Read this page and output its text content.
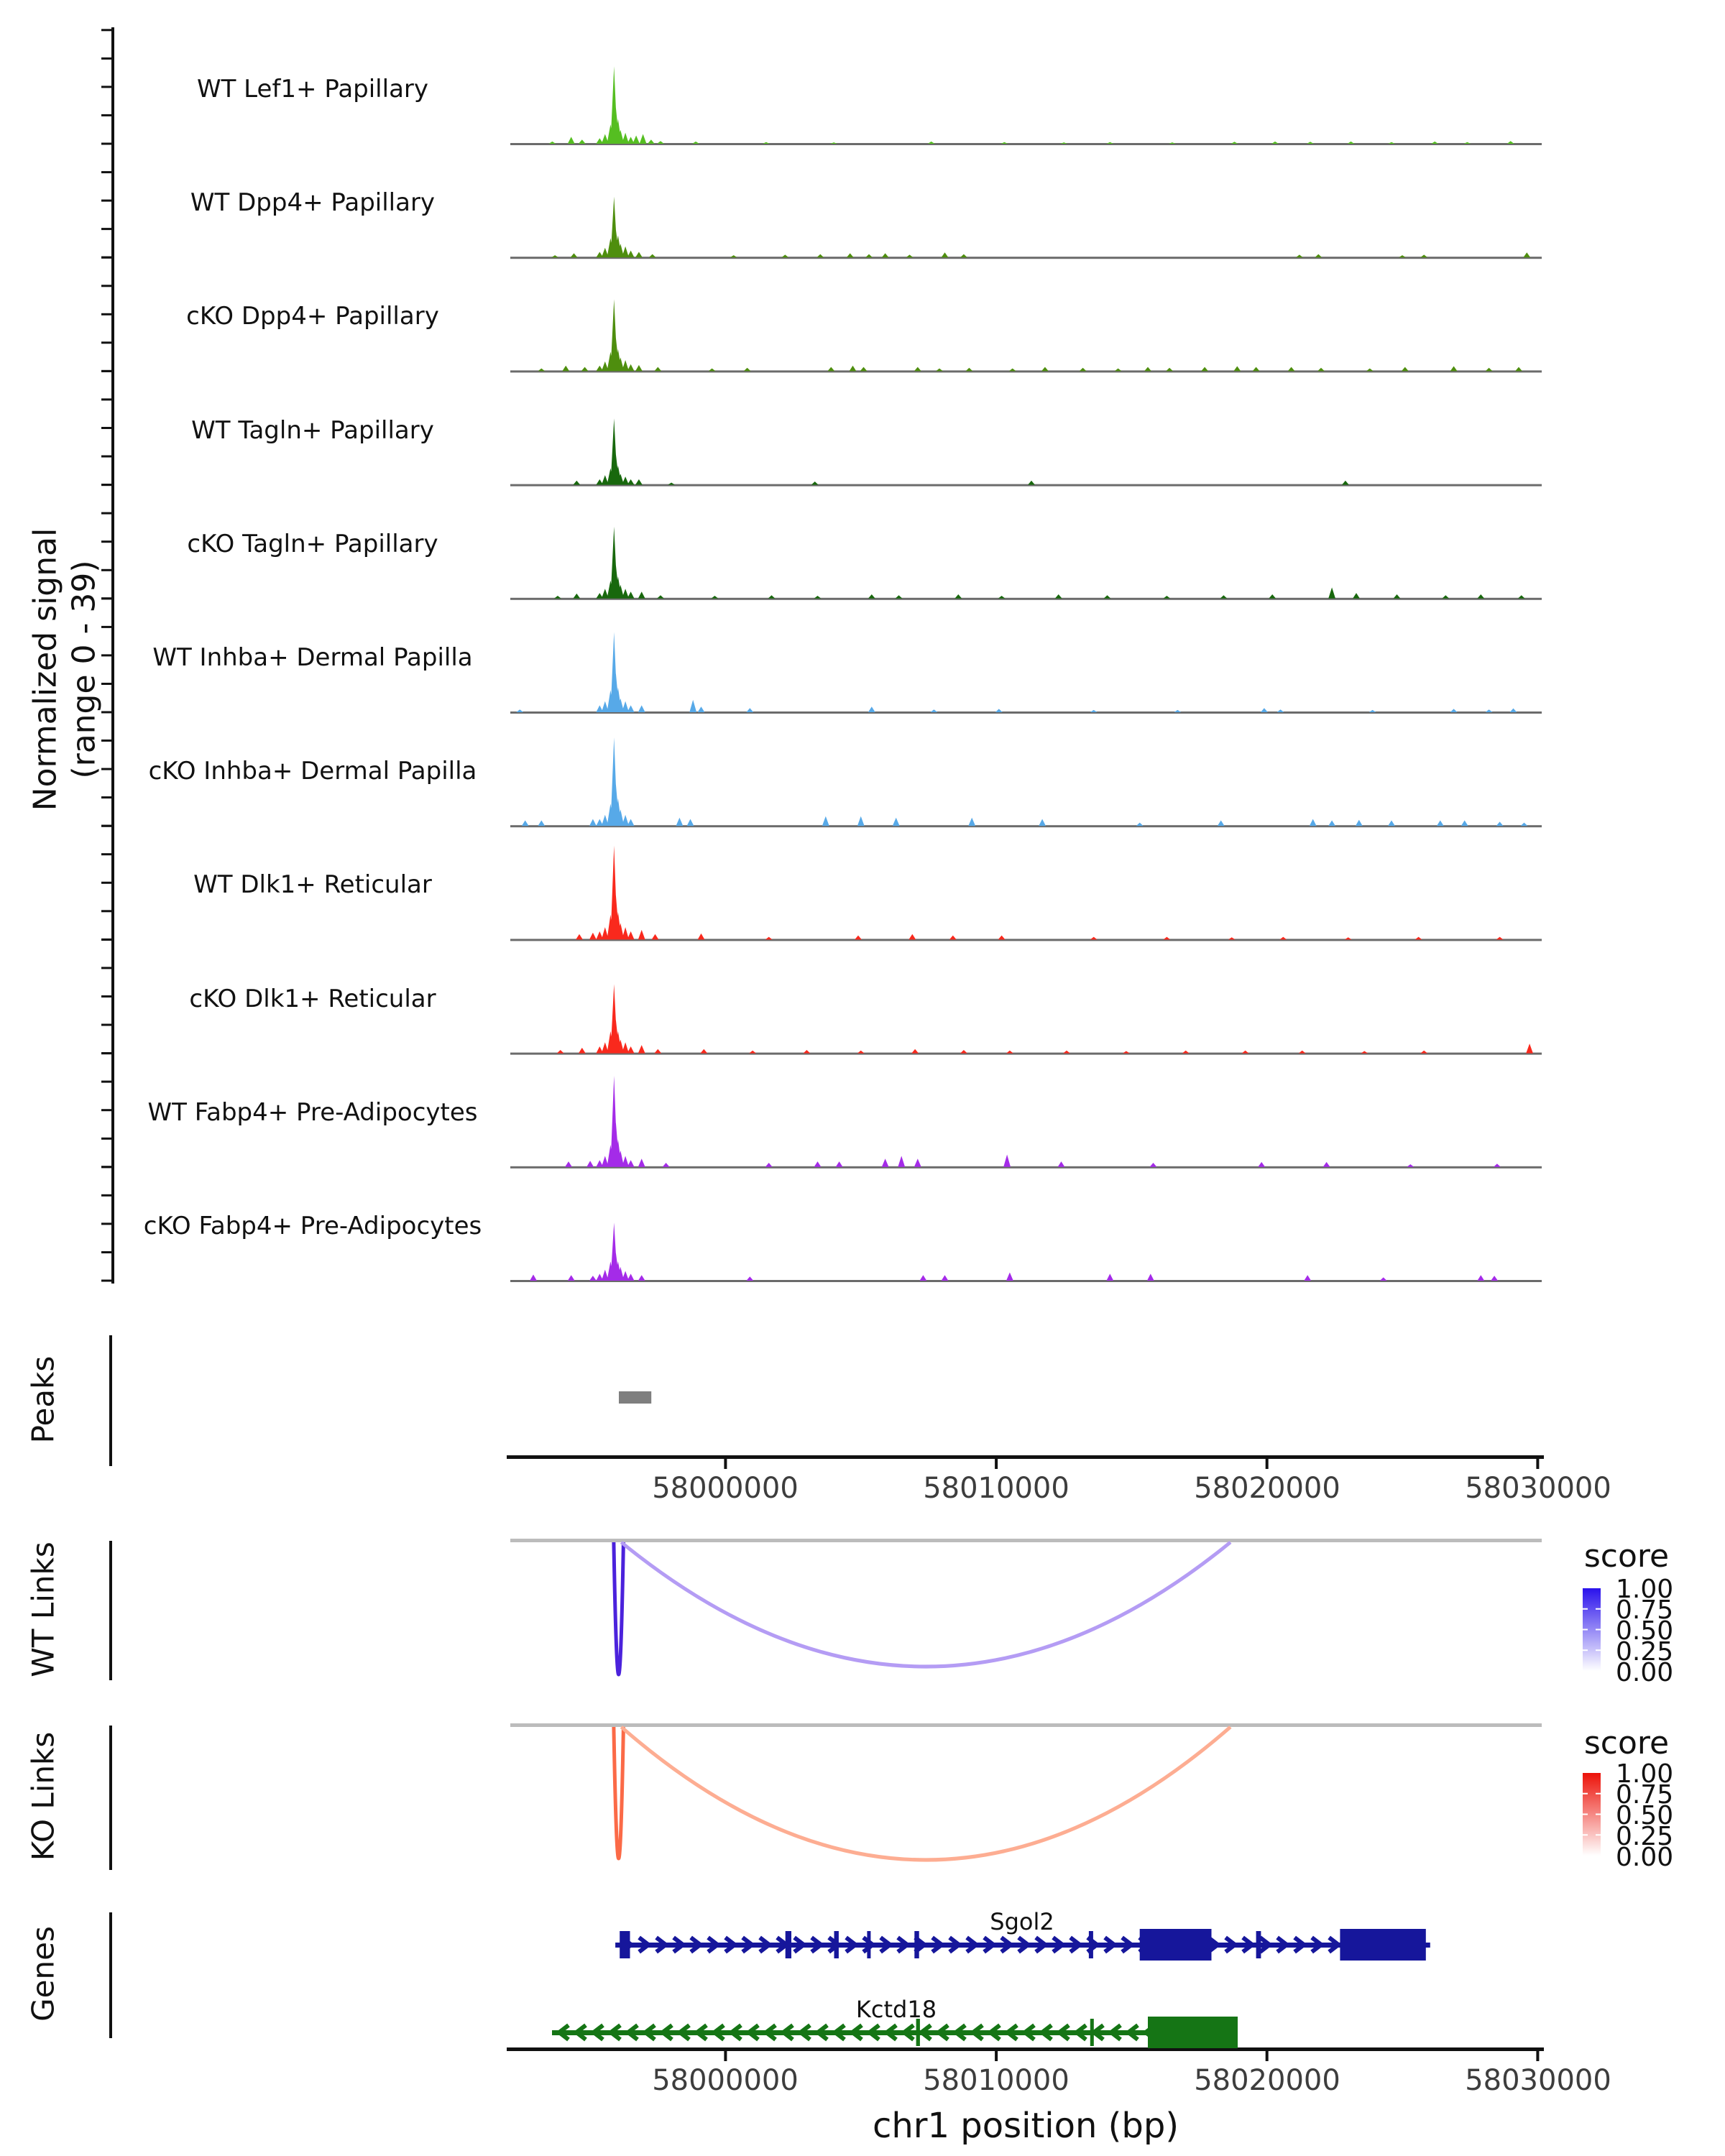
Normalized signal (range 0 - 39)
WT Lef1+ Papillary
WT Dpp4+ Papillary
cKO Dpp4+ Papillary
WT Tagln+ Papillary
cKO Tagln+ Papillary
WT Inhba+ Dermal Papilla
cKO Inhba+ Dermal Papilla
WT Dlk1+ Reticular
cKO Dlk1+ Reticular
WT Fabp4+ Pre-Adipocytes
cKO Fabp4+ Pre-Adipocytes
Peaks
WT Links
KO Links
Genes
58000000	58010000	58020000	58030000
score
1.00
0.75
0.50
0.25
0.00
score
1.00
0.75
0.50
0.25
0.00
Sgol2
Kctd18
58000000	58010000	58020000	58030000
chr1 position (bp)
